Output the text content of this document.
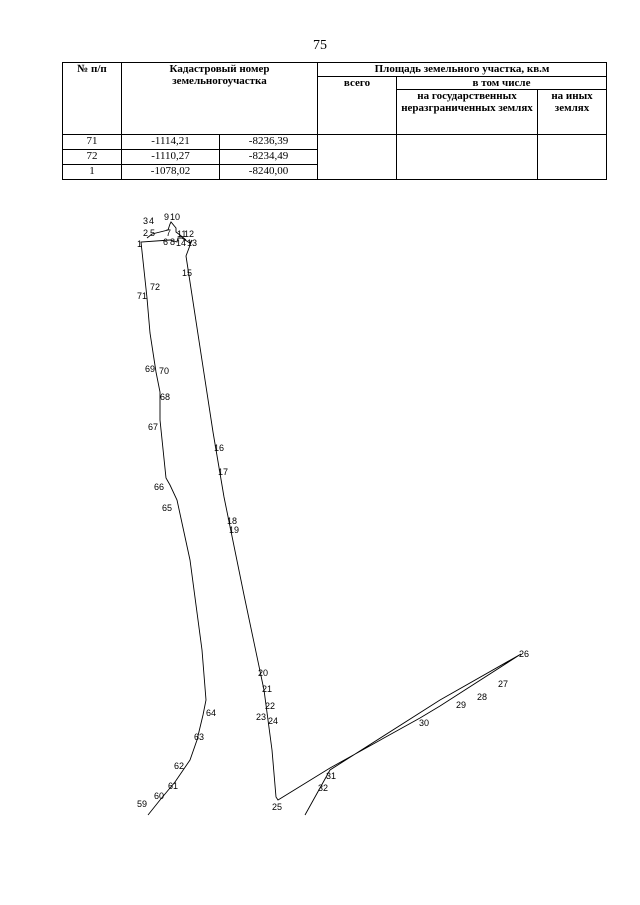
75
№ п/п	Кадастровый номер земельногоучастка		Площадь земельного участка, кв.м		
			всего	в том числе	
				на государственных неразграниченных землях	на иных землях
71	-1114,21	-8236,39			
72	-1110,27	-8234,49			
1	-1078,02	-8240,00			
3 4 9 10
2 5 7 11
12
1 6 8 14 13
15
72
71
69 70
68
67
16
17
66
65
18
19
20
21
22
23 24
64
63
62
61
60
59	25
26
27
28
29
30
31
32
